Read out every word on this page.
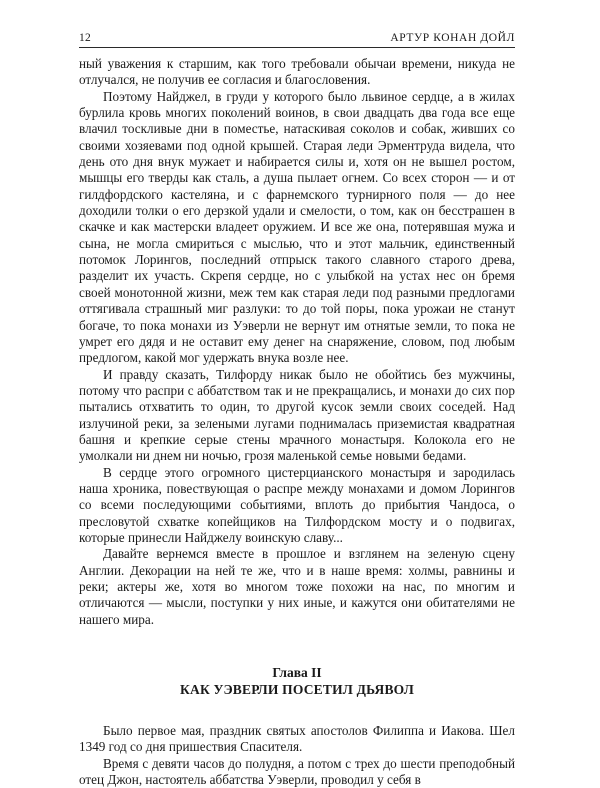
12	АРТУР КОНАН ДОЙЛ

ный уважения к старшим, как того требовали обычаи времени, никуда не отлучался, не получив ее согласия и благословения.

Поэтому Найджел, в груди у которого было львиное сердце, а в жилах бурлила кровь многих поколений воинов, в свои двадцать два года все еще влачил тоскливые дни в поместье, натаскивая соколов и собак, живших со своими хозяевами под одной крышей. Старая леди Эрментруда видела, что день ото дня внук мужает и набирается силы и, хотя он не вышел ростом, мышцы его тверды как сталь, а душа пылает огнем. Со всех сторон — и от гилдфордского кастеляна, и с фарнемского турнирного поля — до нее доходили толки о его дерзкой удали и смелости, о том, как он бесстрашен в скачке и как мастерски владеет оружием. И все же она, потерявшая мужа и сына, не могла смириться с мыслью, что и этот мальчик, единственный потомок Лорингов, последний отпрыск такого славного старого древа, разделит их участь. Скрепя сердце, но с улыбкой на устах нес он бремя своей монотонной жизни, меж тем как старая леди под разными предлогами оттягивала страшный миг разлуки: то до той поры, пока урожаи не станут богаче, то пока монахи из Уэверли не вернут им отнятые земли, то пока не умрет его дядя и не оставит ему денег на снаряжение, словом, под любым предлогом, какой мог удержать внука возле нее.

И правду сказать, Тилфорду никак было не обойтись без мужчины, потому что распри с аббатством так и не прекращались, и монахи до сих пор пытались отхватить то один, то другой кусок земли своих соседей. Над излучиной реки, за зелеными лугами поднималась приземистая квадратная башня и крепкие серые стены мрачного монастыря. Колокола его не умолкали ни днем ни ночью, грозя маленькой семье новыми бедами.

В сердце этого огромного цистерцианского монастыря и зародилась наша хроника, повествующая о распре между монахами и домом Лорингов со всеми последующими событиями, вплоть до прибытия Чандоса, о пресловутой схватке копейщиков на Тилфордском мосту и о подвигах, которые принесли Найджелу воинскую славу...

Давайте вернемся вместе в прошлое и взглянем на зеленую сцену Англии. Декорации на ней те же, что и в наше время: холмы, равнины и реки; актеры же, хотя во многом тоже похожи на нас, по многим и отличаются — мысли, поступки у них иные, и кажутся они обитателями не нашего мира.

Глава II
КАК УЭВЕРЛИ ПОСЕТИЛ ДЬЯВОЛ

Было первое мая, праздник святых апостолов Филиппа и Иакова. Шел 1349 год со дня пришествия Спасителя.

Время с девяти часов до полудня, а потом с трех до шести преподобный отец Джон, настоятель аббатства Уэверли, проводил у себя в
